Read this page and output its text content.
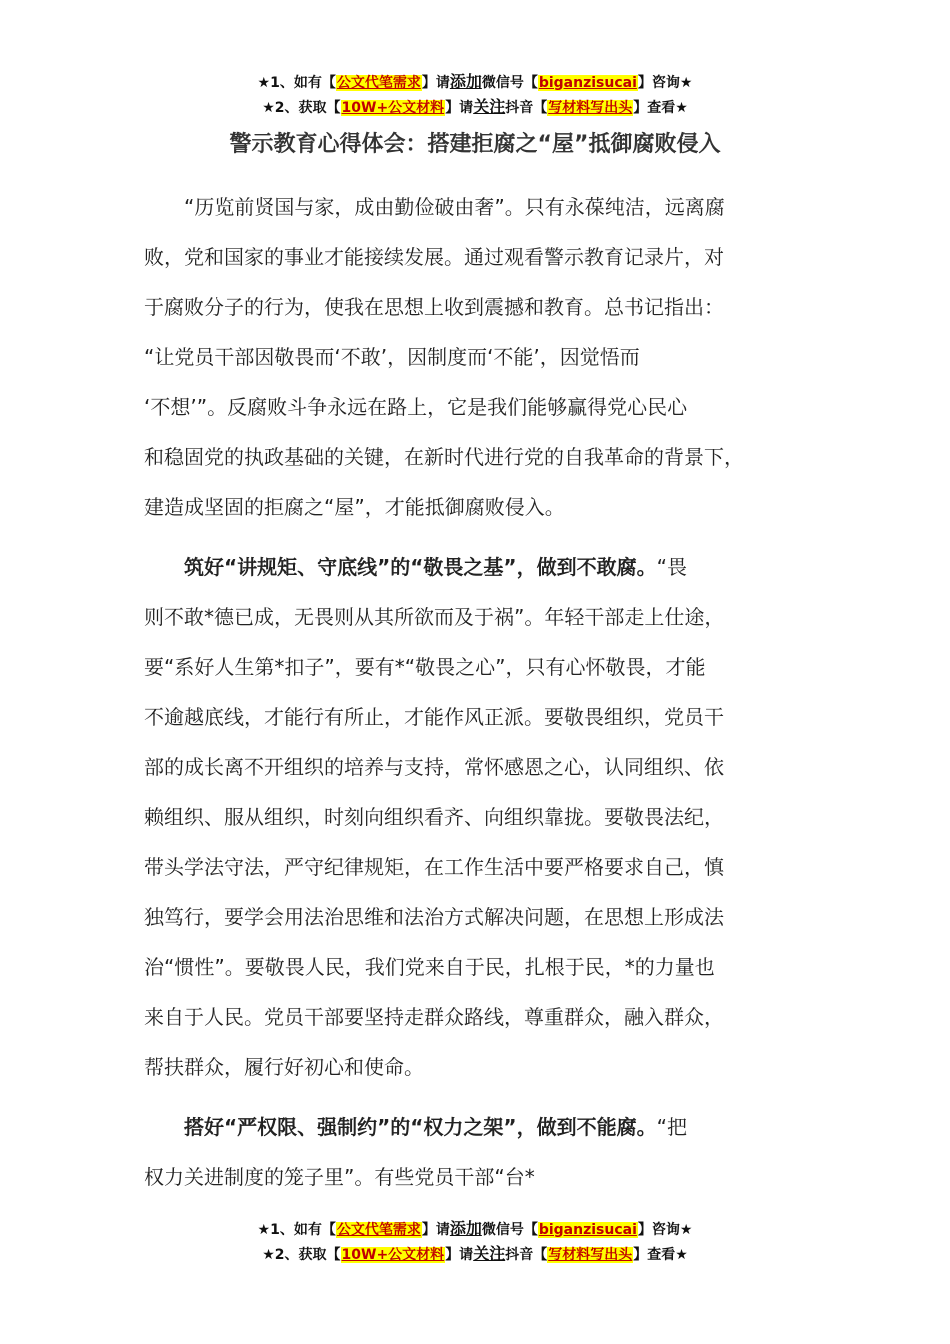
★1、如有【公文代笔需求】请添加微信号【biganzisucai】咨询★
★2、获取【10W+公文材料】请关注抖音【写材料写出头】查看★
警示教育心得体会：搭建拒腐之“屋”抵御腐败侵入
　　“历览前贤国与家，成由勤俭破由奢”。只有永葆纯洁，远离腐
败，党和国家的事业才能接续发展。通过观看警示教育记录片，对
于腐败分子的行为，使我在思想上收到震撼和教育。总书记指出：
“让党员干部因敬畏而‘不敢’，因制度而‘不能’，因觉悟而
‘不想’”。反腐败斗争永远在路上，它是我们能够赢得党心民心
和稳固党的执政基础的关键，在新时代进行党的自我革命的背景下，
建造成坚固的拒腐之“屋”，才能抵御腐败侵入。
　　筑好“讲规矩、守底线”的“敬畏之基”，做到不敢腐。“畏
则不敢*德已成，无畏则从其所欲而及于祸”。年轻干部走上仕途，
要“系好人生第*扣子”，要有*“敬畏之心”，只有心怀敬畏，才能
不逾越底线，才能行有所止，才能作风正派。要敬畏组织，党员干
部的成长离不开组织的培养与支持，常怀感恩之心，认同组织、依
赖组织、服从组织，时刻向组织看齐、向组织靠拢。要敬畏法纪，
带头学法守法，严守纪律规矩，在工作生活中要严格要求自己，慎
独笃行，要学会用法治思维和法治方式解决问题，在思想上形成法
治“惯性”。要敬畏人民，我们党来自于民，扎根于民，*的力量也
来自于人民。党员干部要坚持走群众路线，尊重群众，融入群众，
帮扶群众，履行好初心和使命。
　　搭好“严权限、强制约”的“权力之架”，做到不能腐。“把
权力关进制度的笼子里”。有些党员干部“台*
★1、如有【公文代笔需求】请添加微信号【biganzisucai】咨询★
★2、获取【10W+公文材料】请关注抖音【写材料写出头】查看★
